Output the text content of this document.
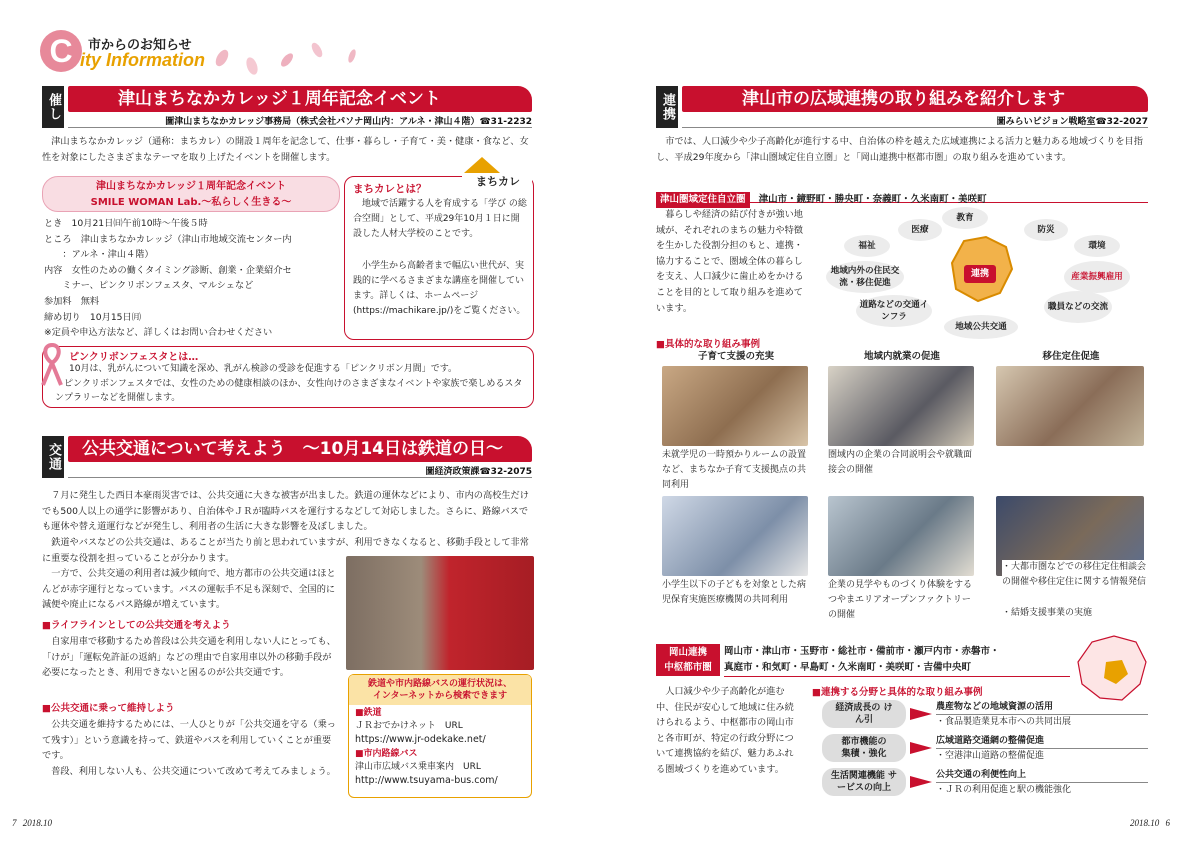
C	市からのお知らせ
ity Information
催し	津山まちなかカレッジ１周年記念イベント
圖津山まちなかカレッジ事務局（株式会社パソナ岡山内：アルネ・津山４階）☎31-2232
津山まちなかカレッジ（通称：まちカレ）の開設１周年を記念して、仕事・暮らし・子育て・美・健康・食など、女性を対象にしたさまざまなテーマを取り上げたイベントを開催します。
津山まちなかカレッジ１周年記念イベント
SMILE WOMAN Lab.～私らしく生きる～
とき　10月21日㈰午前10時～午後５時
ところ　津山まちなかカレッジ（津山市地域交流センター内
：アルネ・津山４階）
内容　女性のための働くタイミング診断、創業・企業紹介セ
ミナー、ピンクリボンフェスタ、マルシェなど
参加料　無料
締め切り　10月15日㈪
※定員や申込方法など、詳しくはお問い合わせください
まちカレとは？
地域で活躍する人を育成する「学び の総合空間」として、平成29年10月１日に開設した人材大学校のことです。
小学生から高齢者まで幅広い世代が、実践的に学べるさまざまな講座を開催しています。詳しくは、ホームページ(https://machikare.jp/)をご覧ください。
まちカレ
ピンクリボンフェスタとは…
10月は、乳がんについて知識を深め、乳がん検診の受診を促進する「ピンクリボン月間」です。
ピンクリボンフェスタでは、女性のための健康相談のほか、女性向けのさまざまなイベントや家族で楽しめるスタンプラリーなどを開催します。
交通	公共交通について考えよう　～10月14日は鉄道の日～
圖経済政策課☎32-2075
７月に発生した西日本豪雨災害では、公共交通に大きな被害が出ました。鉄道の運休などにより、市内の高校生だけでも500人以上の通学に影響があり、自治体やＪＲが臨時バスを運行するなどして対応しました。さらに、路線バスでも運休や替え道運行などが発生し、利用者の生活に大きな影響を及ぼしました。
鉄道やバスなどの公共交通は、あることが当たり前と思われていますが、利用できなくなると、移動手段として非常に重要な役割を担っていることが分かります。
一方で、公共交通の利用者は減少傾向で、地方都市の公共交通はほとんどが赤字運行となっています。バスの運転手不足も深刻で、全国的に減便や廃止になるバス路線が増えています。
■ ライフラインとしての公共交通を考えよう
自家用車で移動するため普段は公共交通を利用しない人にとっても、「けが」「運転免許証の返納」などの理由で自家用車以外の移動手段が必要になったとき、利用できないと困るのが公共交通です。
■ 公共交通に乗って維持しよう
公共交通を維持するためには、一人ひとりが「公共交通を守る（乗って残す）」という意識を持って、鉄道やバスを利用していくことが重要です。
普段、利用しない人も、公共交通について改めて考えてみましょう。
鉄道や市内路線バスの運行状況は、
インターネットから検索できます
■鉄道
ＪＲおでかけネット　URL
https://www.jr-odekake.net/
■市内路線バス
津山市広域バス乗車案内　URL
http://www.tsuyama-bus.com/
連携	津山市の広域連携の取り組みを紹介します
圖みらいビジョン戦略室☎32-2027
市では、人口減少や少子高齢化が進行する中、自治体の枠を越えた広域連携による活力と魅力ある地域づくりを目指し、平成29年度から「津山圏域定住自立圏」と「岡山連携中枢都市圏」の取り組みを進めています。
津山圏域定住自立圏 津山市・鏡野町・勝央町・奈義町・久米南町・美咲町
暮らしや経済の結び付きが強い地域が、それぞれのまちの魅力や特徴を生かした役割分担のもと、連携・協力することで、圏域全体の暮らしを支え、人口減少に歯止めをかけることを目的として取り組みを進めています。
教育
医療	防災
福祉	環境
地域内外の住民交流・移住促進
産業振興雇用
道路などの交通インフラ
職員などの交流
地域公共交通
連携
■ 具体的な取り組み事例
子育て支援の充実
未就学児の一時預かりルームの設置など、まちなか子育て支援拠点の共同利用
小学生以下の子どもを対象とした病児保育実施医療機関の共同利用
地域内就業の促進
圏域内の企業の合同説明会や就職面接会の開催
企業の見学やものづくり体験をするつやまエリアオープンファクトリーの開催
移住定住促進
・大都市圏などでの移住定住相談会の開催や移住定住に関する情報発信
・結婚支援事業の実施
岡山連携
中枢都市圏
岡山市・津山市・玉野市・総社市・備前市・瀬戸内市・赤磐市・
真庭市・和気町・早島町・久米南町・美咲町・吉備中央町
人口減少や少子高齢化が進む中、住民が安心して地域に住み続けられるよう、中枢都市の岡山市と各市町が、特定の行政分野について連携協約を結び、魅力あふれる圏域づくりを進めています。
■ 連携する分野と具体的な取り組み事例
経済成長の けん引
農産物などの地域資源の活用
・食品製造業見本市への共同出展
都市機能の 集積・強化
広域道路交通網の整備促進
・空港津山道路の整備促進
生活関連機能 サービスの向上
公共交通の利便性向上
・ＪＲの利用促進と駅の機能強化
7 2018.10	2018.10 6
